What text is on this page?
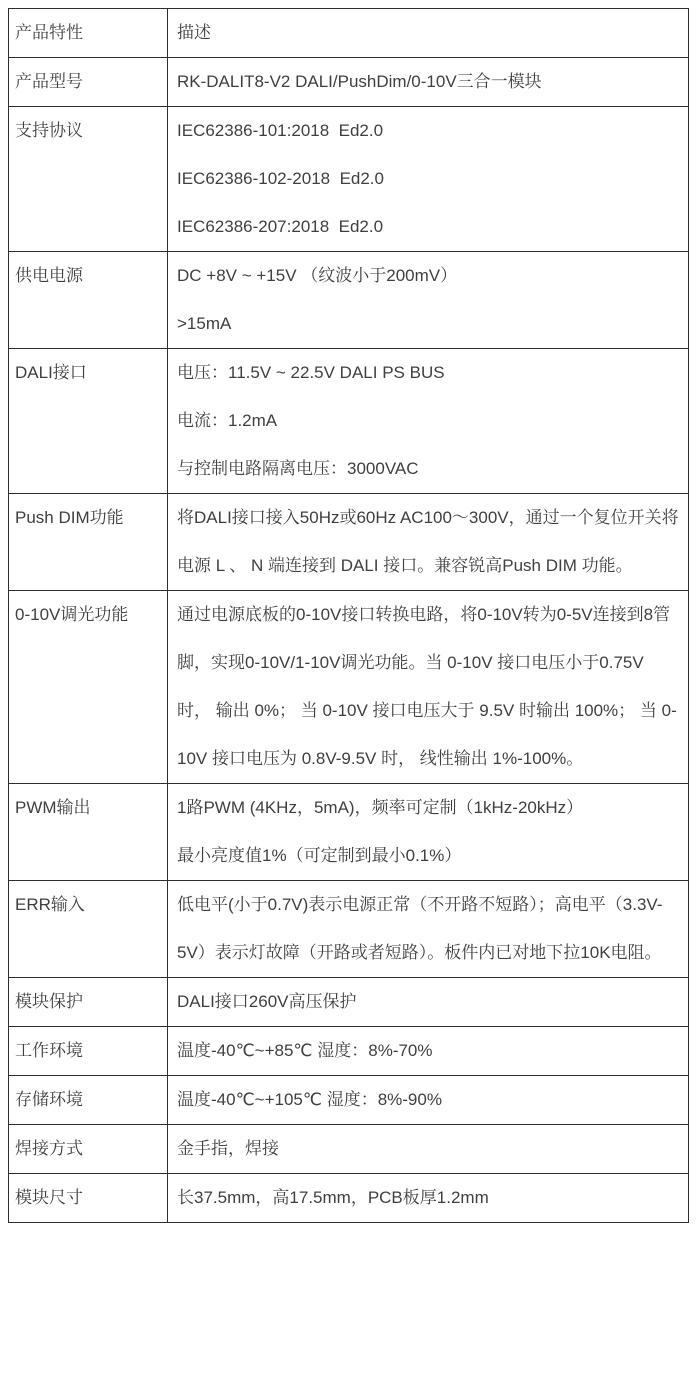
产品特性	描述

产品型号	RK-DALIT8-V2 DALI/PushDim/0-10V三合一模块

支持协议	IEC62386-101:2018  Ed2.0
IEC62386-102-2018  Ed2.0
IEC62386-207:2018  Ed2.0

供电电源	DC +8V ~ +15V （纹波小于200mV）
>15mA

DALI接口	电压：11.5V ~ 22.5V DALI PS BUS
电流：1.2mA
与控制电路隔离电压：3000VAC

Push DIM功能	将DALI接口接入50Hz或60Hz AC100～300V，通过一个复位开关将电源 L 、 N 端连接到 DALI 接口。兼容锐高Push DIM 功能。

0-10V调光功能	通过电源底板的0-10V接口转换电路，将0-10V转为0-5V连接到8管脚，实现0-10V/1-10V调光功能。当 0-10V 接口电压小于0.75V 时， 输出 0%； 当 0-10V 接口电压大于 9.5V 时输出 100%； 当 0-10V 接口电压为 0.8V-9.5V 时， 线性输出 1%-100%。

PWM输出	1路PWM (4KHz，5mA)，频率可定制（1kHz-20kHz）
最小亮度值1%（可定制到最小0.1%）

ERR输入	低电平(小于0.7V)表示电源正常（不开路不短路）；高电平（3.3V-5V）表示灯故障（开路或者短路）。板件内已对地下拉10K电阻。

模块保护	DALI接口260V高压保护

工作环境	温度-40℃~+85℃ 湿度：8%-70%

存储环境	温度-40℃~+105℃ 湿度：8%-90%

焊接方式	金手指，焊接

模块尺寸	长37.5mm，高17.5mm，PCB板厚1.2mm
